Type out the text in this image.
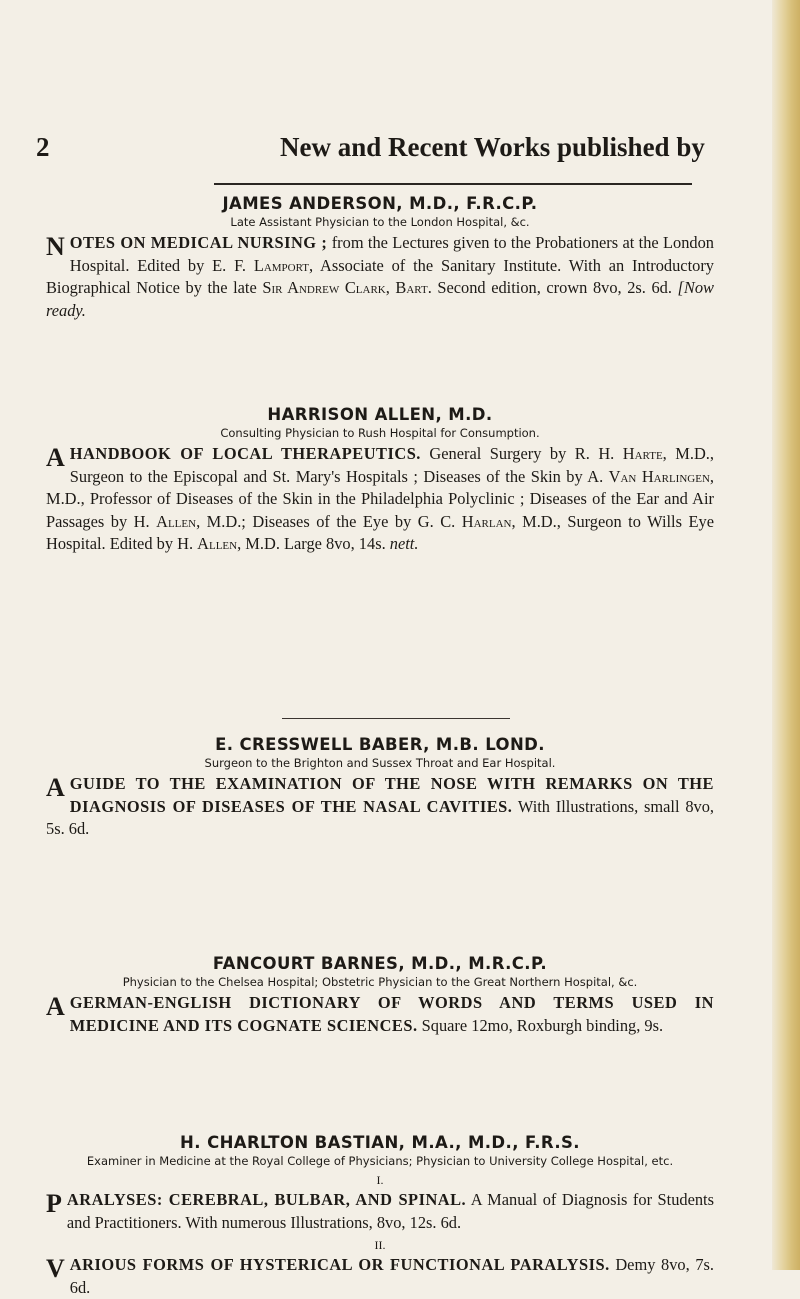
2	New and Recent Works published by
JAMES ANDERSON, M.D., F.R.C.P.
Late Assistant Physician to the London Hospital, &c.
NOTES ON MEDICAL NURSING ; from the Lectures given to the Probationers at the London Hospital. Edited by E. F. Lamport, Associate of the Sanitary Institute. With an Introductory Biographical Notice by the late Sir Andrew Clark, Bart. Second edition, crown 8vo, 2s. 6d. [Now ready.
HARRISON ALLEN, M.D.
Consulting Physician to Rush Hospital for Consumption.
AHANDBOOK OF LOCAL THERAPEUTICS. General Surgery by R. H. Harte, M.D., Surgeon to the Episcopal and St. Mary's Hospitals ; Diseases of the Skin by A. Van Harlingen, M.D., Professor of Diseases of the Skin in the Philadelphia Polyclinic ; Diseases of the Ear and Air Passages by H. Allen, M.D.; Diseases of the Eye by G. C. Harlan, M.D., Surgeon to Wills Eye Hospital. Edited by H. Allen, M.D. Large 8vo, 14s. nett.
E. CRESSWELL BABER, M.B. LOND.
Surgeon to the Brighton and Sussex Throat and Ear Hospital.
AGUIDE TO THE EXAMINATION OF THE NOSE WITH REMARKS ON THE DIAGNOSIS OF DISEASES OF THE NASAL CAVITIES. With Illustrations, small 8vo, 5s. 6d.
FANCOURT BARNES, M.D., M.R.C.P.
Physician to the Chelsea Hospital; Obstetric Physician to the Great Northern Hospital, &c.
AGERMAN-ENGLISH DICTIONARY OF WORDS AND TERMS USED IN MEDICINE AND ITS COGNATE SCIENCES. Square 12mo, Roxburgh binding, 9s.
H. CHARLTON BASTIAN, M.A., M.D., F.R.S.
Examiner in Medicine at the Royal College of Physicians; Physician to University College Hospital, etc.
I.
PARALYSES: CEREBRAL, BULBAR, AND SPINAL. A Manual of Diagnosis for Students and Practitioners. With numerous Illustrations, 8vo, 12s. 6d.
II.
VARIOUS FORMS OF HYSTERICAL OR FUNCTIONAL PARALYSIS. Demy 8vo, 7s. 6d.
